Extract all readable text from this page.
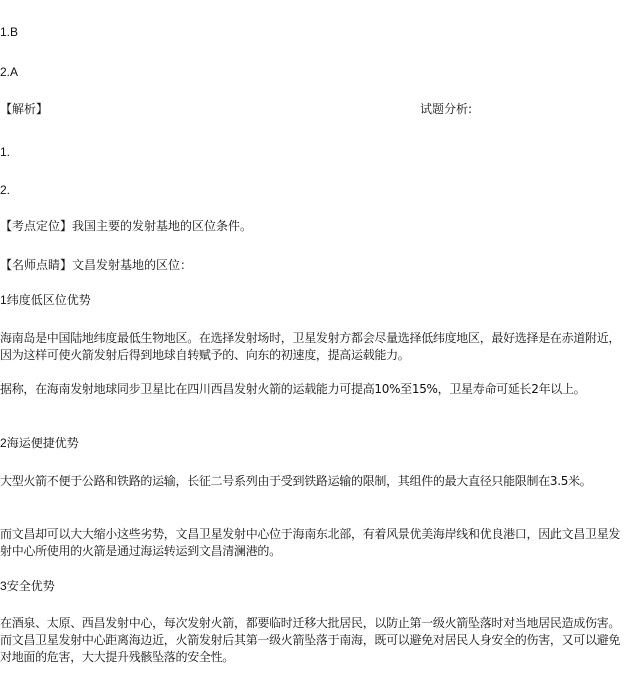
1.B
2.A
【解析】	试题分析:
1.
2.
【考点定位】我国主要的发射基地的区位条件。
【名师点睛】文昌发射基地的区位：
1纬度低区位优势
海南岛是中国陆地纬度最低生物地区。在选择发射场时，卫星发射方都会尽量选择低纬度地区，最好选择是在赤道附近，因为这样可使火箭发射后得到地球自转赋予的、向东的初速度，提高运载能力。
据称，在海南发射地球同步卫星比在四川西昌发射火箭的运载能力可提高10%至15%，卫星寿命可延长2年以上。
2海运便捷优势
大型火箭不便于公路和铁路的运输，长征二号系列由于受到铁路运输的限制，其组件的最大直径只能限制在3.5米。
而文昌却可以大大缩小这些劣势，文昌卫星发射中心位于海南东北部，有着风景优美海岸线和优良港口，因此文昌卫星发射中心所使用的火箭是通过海运转运到文昌清澜港的。
3安全优势
在酒泉、太原、西昌发射中心，每次发射火箭，都要临时迁移大批居民，以防止第一级火箭坠落时对当地居民造成伤害。而文昌卫星发射中心距离海边近，火箭发射后其第一级火箭坠落于南海，既可以避免对居民人身安全的伤害，又可以避免对地面的危害，大大提升残骸坠落的安全性。
